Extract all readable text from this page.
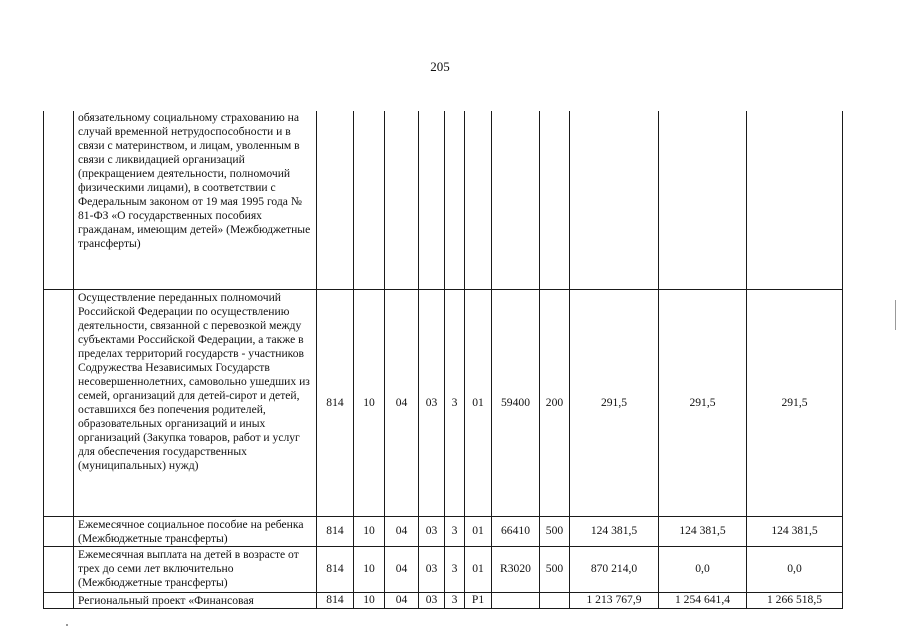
205
	обязательному социальному страхованию на случай временной нетрудоспособности и в связи с материнством, и лицам, уволенным в связи с ликвидацией организаций (прекращением деятельности, полномочий физическими лицами), в соответствии с Федеральным законом от 19 мая 1995 года № 81-ФЗ «О государственных пособиях гражданам, имеющим детей» (Межбюджетные трансферты)											
	Осуществление переданных полномочий Российской Федерации по осуществлению деятельности, связанной с перевозкой между субъектами Российской Федерации, а также в пределах территорий государств - участников Содружества Независимых Государств несовершеннолетних, самовольно ушедших из семей, организаций для детей-сирот и детей, оставшихся без попечения родителей, образовательных организаций и иных организаций (Закупка товаров, работ и услуг для обеспечения государственных (муниципальных) нужд)	814	10	04	03	3	01	59400	200	291,5	291,5	291,5
	Ежемесячное социальное пособие на ребенка (Межбюджетные трансферты)	814	10	04	03	3	01	66410	500	124 381,5	124 381,5	124 381,5
	Ежемесячная выплата на детей в возрасте от трех до семи лет включительно (Межбюджетные трансферты)	814	10	04	03	3	01	R3020	500	870 214,0	0,0	0,0
	Региональный проект «Финансовая	814	10	04	03	3	P1			1 213 767,9	1 254 641,4	1 266 518,5
